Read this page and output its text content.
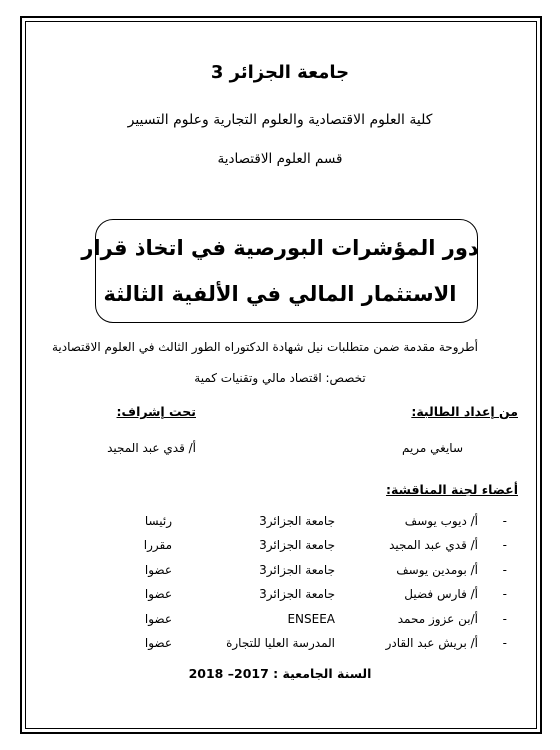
جامعة الجزائر 3
كلية العلوم الاقتصادية والعلوم التجارية وعلوم التسيير
قسم العلوم الاقتصادية
دور المؤشرات البورصية في اتخاذ قرار
الاستثمار المالي في الألفية الثالثة
أطروحة مقدمة ضمن متطلبات نيل شهادة الدكتوراه الطور الثالث في العلوم الاقتصادية
تخصص: اقتصاد مالي وتقنيات كمية
من إعداد الطالبة:
تحت إشراف:
سايغي مريم
أ/ قدي عبد المجيد
أعضاء لجنة المناقشة:
-
أ/ ديوب يوسف
جامعة الجزائر3
رئيسا
-
أ/ قدي عبد المجيد
جامعة الجزائر3
مقررا
-
أ/ بومدين يوسف
جامعة الجزائر3
عضوا
-
أ/ فارس فضيل
جامعة الجزائر3
عضوا
-
أ/بن عزوز محمد
ENSEEA
عضوا
-
أ/ بريش عبد القادر
المدرسة العليا للتجارة
عضوا
السنة الجامعية : 2017– 2018
